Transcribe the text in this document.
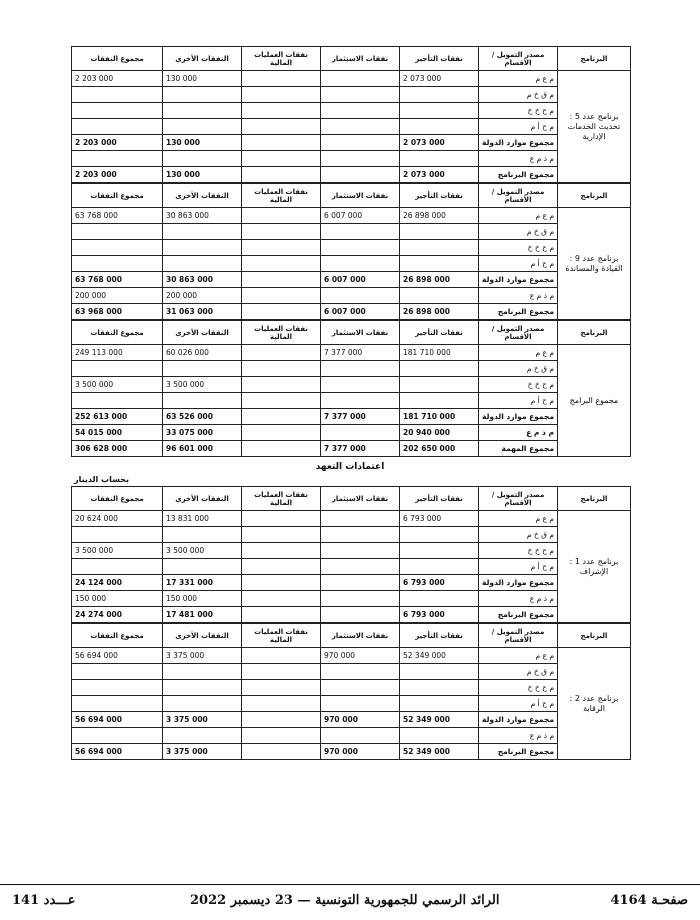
البرنامج	مصدر التمويل / الأقسام	نفقات التأجير	نفقات الاستثمار	نفقات العمليات المالية	النفقات الأخرى	مجموع النفقات
برنامج عدد 5 : تحديث الخدمات الإدارية	م ع م	2 073 000			130 000	2 203 000
	م ق خ م					
	م ح خ خ					
	م ح أ م					
	مجموع موارد الدولة	2 073 000			130 000	2 203 000
	م ذ م ع					
	مجموع البرنامج	2 073 000			130 000	2 203 000
البرنامج	مصدر التمويل / الأقسام	نفقات التأجير	نفقات الاستثمار	نفقات العمليات المالية	النفقات الأخرى	مجموع النفقات
برنامج عدد 9 : القيادة والمساندة	م ع م	26 898 000	6 007 000		30 863 000	63 768 000
	م ق خ م					
	م ح خ خ					
	م ح أ م					
	مجموع موارد الدولة	26 898 000	6 007 000		30 863 000	63 768 000
	م ذ م ع				200 000	200 000
	مجموع البرنامج	26 898 000	6 007 000		31 063 000	63 968 000
البرنامج	مصدر التمويل / الأقسام	نفقات التأجير	نفقات الاستثمار	نفقات العمليات المالية	النفقات الأخرى	مجموع النفقات
مجموع البرامج	م ع م	181 710 000	7 377 000		60 026 000	249 113 000
	م ق خ م					
	م ح خ خ				3 500 000	3 500 000
	م ح أ م					
	مجموع موارد الدولة	181 710 000	7 377 000		63 526 000	252 613 000
	م ذ م ع	20 940 000			33 075 000	54 015 000
	مجموع المهمة	202 650 000	7 377 000		96 601 000	306 628 000
اعتمادات التعهد
بحساب الدينار
البرنامج	مصدر التمويل / الأقسام	نفقات التأجير	نفقات الاستثمار	نفقات العمليات المالية	النفقات الأخرى	مجموع النفقات
برنامج عدد 1 : الإشراف	م ع م	6 793 000			13 831 000	20 624 000
	م ق خ م					
	م ح خ خ				3 500 000	3 500 000
	م ح أ م					
	مجموع موارد الدولة	6 793 000			17 331 000	24 124 000
	م ذ م ع				150 000	150 000
	مجموع البرنامج	6 793 000			17 481 000	24 274 000
البرنامج	مصدر التمويل / الأقسام	نفقات التأجير	نفقات الاستثمار	نفقات العمليات المالية	النفقات الأخرى	مجموع النفقات
برنامج عدد 2 : الرقابة	م ع م	52 349 000	970 000		3 375 000	56 694 000
	م ق خ م					
	م ح خ خ					
	م ح أ م					
	مجموع موارد الدولة	52 349 000	970 000		3 375 000	56 694 000
	م ذ م ع					
	مجموع البرنامج	52 349 000	970 000		3 375 000	56 694 000
صفحـة 4164
الرائد الرسمي للجمهورية التونسية — 23 ديسمبر 2022
عـــدد 141
